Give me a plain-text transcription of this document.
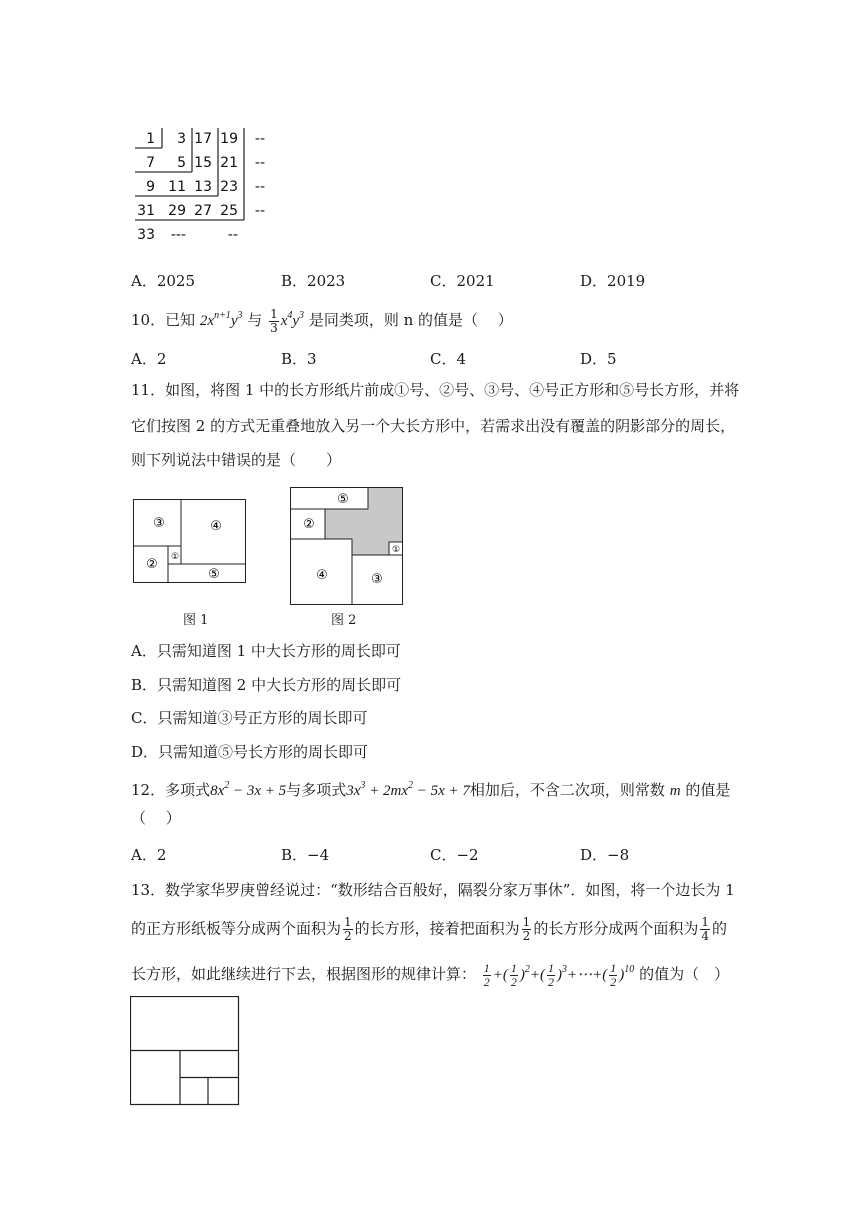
1 3 17 19 --
7 5 15 21 --
9 11 13 23 --
31 29 27 25 --
33 ---	--
A．2025	B．2023	C．2021	D．2019
10．已知 $2x^{n+1}y^3$ 与 $\frac{1}{3} x^4y^3$ 是同类项，则 n 的值是（　 ）
A．2	B．3	C．4	D．5
11．如图，将图 1 中的长方形纸片前成①号、②号、③号、④号正方形和⑤号长方形，并将
它们按图 2 的方式无重叠地放入另一个大长方形中，若需求出没有覆盖的阴影部分的周长，
则下列说法中错误的是（　　）
③	④
② ①
⑤
图 1
⑤
②
①
④	③
图 2
A．只需知道图 1 中大长方形的周长即可
B．只需知道图 2 中大长方形的周长即可
C．只需知道③号正方形的周长即可
D．只需知道⑤号长方形的周长即可
12．多项式$8x^2 - 3x + 5$与多项式$3x^3 + 2mx^2 - 5x + 7$相加后，不含二次项，则常数 m 的值是
（　 ）
A．2	B．−4	C．−2	D．−8
13．数学家华罗庚曾经说过：“数形结合百般好，隔裂分家万事休”．如图，将一个边长为 1
的正方形纸板等分成两个面积为 $\frac{1}{2}$ 的长方形，接着把面积为 $\frac{1}{2}$ 的长方形分成两个面积为 $\frac{1}{4}$ 的
长方形，如此继续进行下去，根据图形的规律计算： $\frac{1}{2}$ +( $\frac{1}{2} )^2+( \frac{1}{2}$ )$^3+\cdots+( \frac{1}{2} )^{10}$ 的值为（　）
